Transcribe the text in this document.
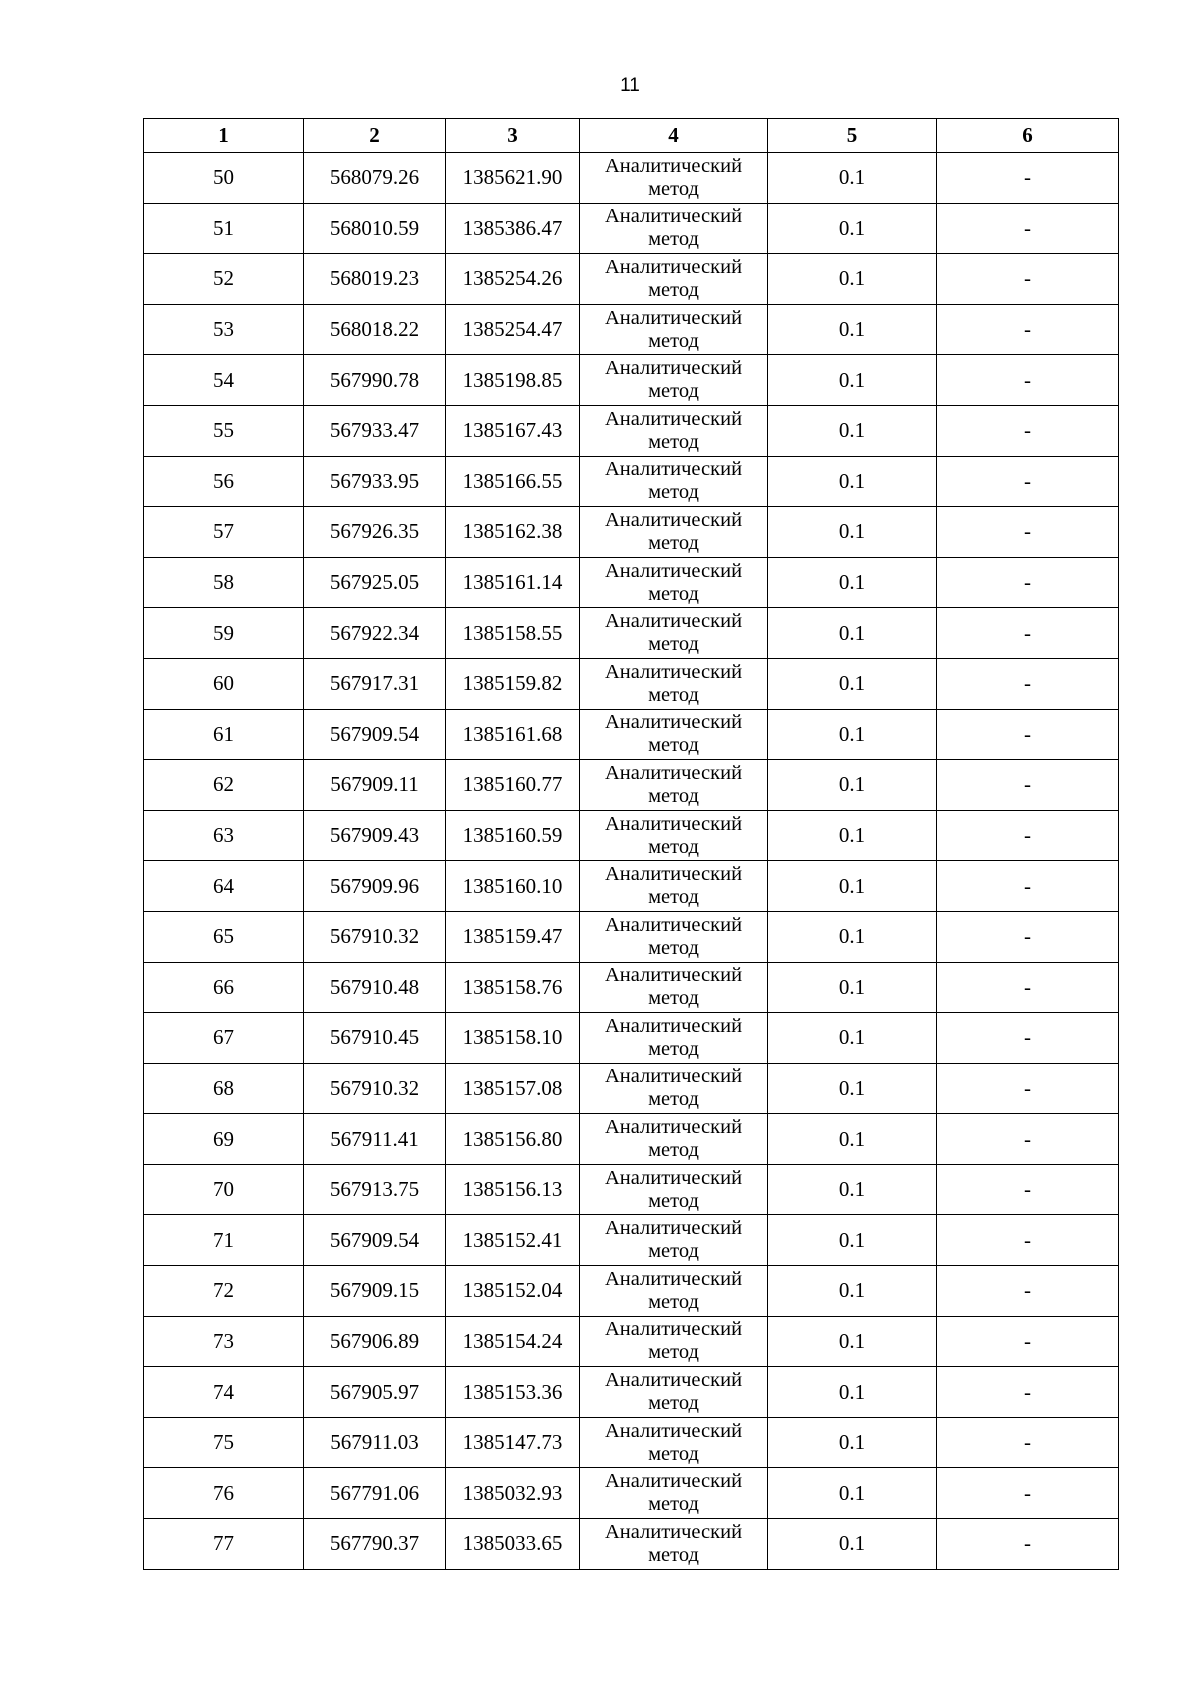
11
1	2	3	4	5	6
50	568079.26	1385621.90	Аналитический метод	0.1	-
51	568010.59	1385386.47	Аналитический метод	0.1	-
52	568019.23	1385254.26	Аналитический метод	0.1	-
53	568018.22	1385254.47	Аналитический метод	0.1	-
54	567990.78	1385198.85	Аналитический метод	0.1	-
55	567933.47	1385167.43	Аналитический метод	0.1	-
56	567933.95	1385166.55	Аналитический метод	0.1	-
57	567926.35	1385162.38	Аналитический метод	0.1	-
58	567925.05	1385161.14	Аналитический метод	0.1	-
59	567922.34	1385158.55	Аналитический метод	0.1	-
60	567917.31	1385159.82	Аналитический метод	0.1	-
61	567909.54	1385161.68	Аналитический метод	0.1	-
62	567909.11	1385160.77	Аналитический метод	0.1	-
63	567909.43	1385160.59	Аналитический метод	0.1	-
64	567909.96	1385160.10	Аналитический метод	0.1	-
65	567910.32	1385159.47	Аналитический метод	0.1	-
66	567910.48	1385158.76	Аналитический метод	0.1	-
67	567910.45	1385158.10	Аналитический метод	0.1	-
68	567910.32	1385157.08	Аналитический метод	0.1	-
69	567911.41	1385156.80	Аналитический метод	0.1	-
70	567913.75	1385156.13	Аналитический метод	0.1	-
71	567909.54	1385152.41	Аналитический метод	0.1	-
72	567909.15	1385152.04	Аналитический метод	0.1	-
73	567906.89	1385154.24	Аналитический метод	0.1	-
74	567905.97	1385153.36	Аналитический метод	0.1	-
75	567911.03	1385147.73	Аналитический метод	0.1	-
76	567791.06	1385032.93	Аналитический метод	0.1	-
77	567790.37	1385033.65	Аналитический метод	0.1	-
